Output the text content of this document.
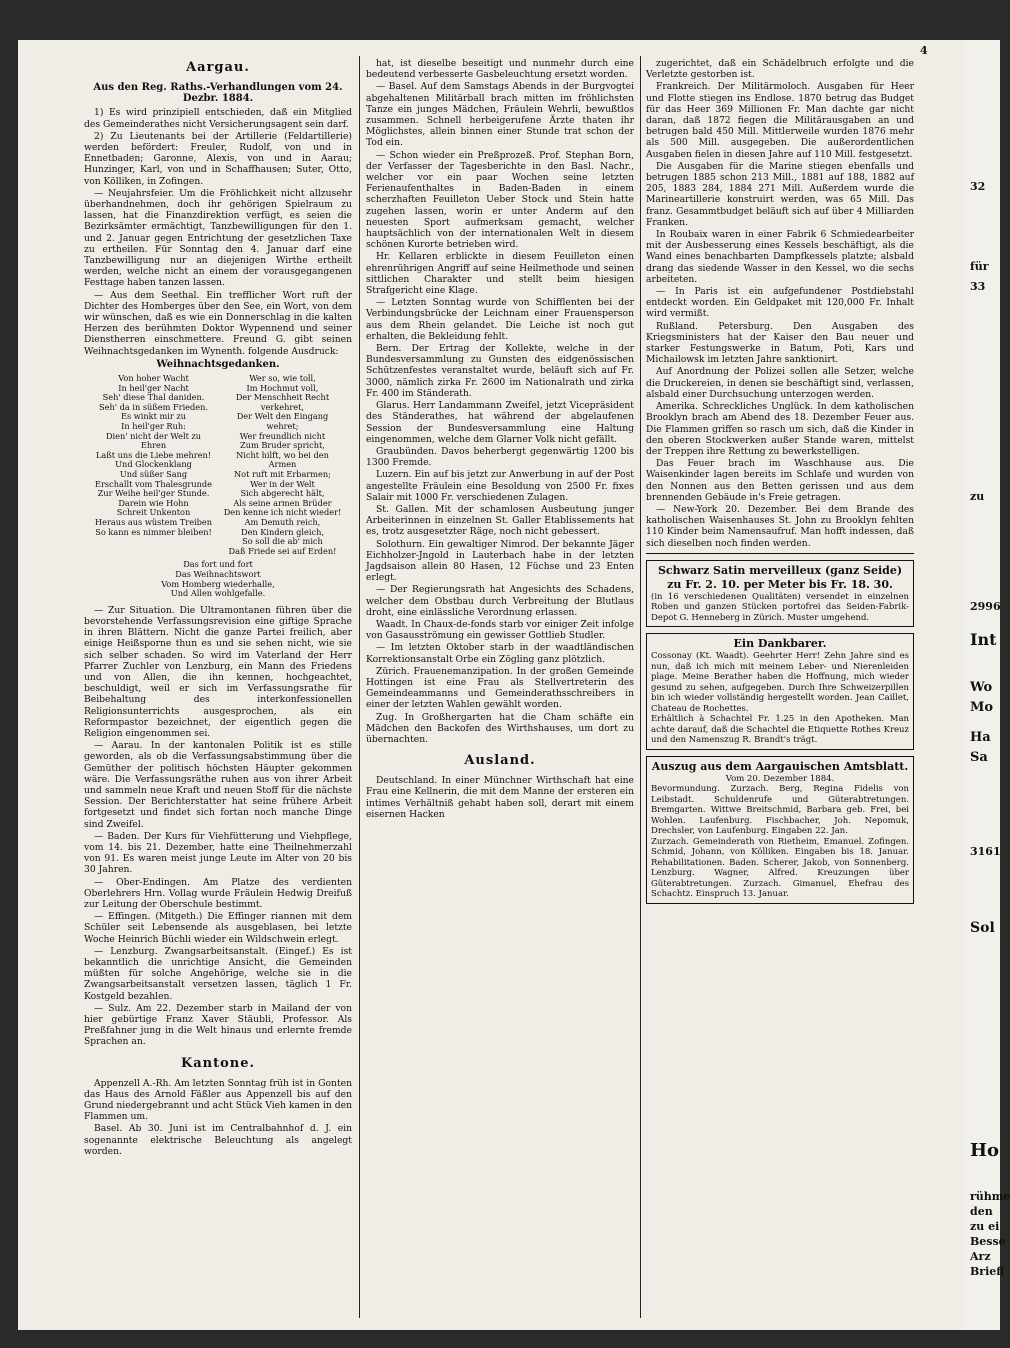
4
Aargau.
Aus den Reg. Raths.-Verhandlungen vom 24. Dezbr. 1884.

1) Es wird prinzipiell entschieden, daß ein Mitglied des Gemeinderathes nicht Versicherungsagent sein darf.

2) Zu Lieutenants bei der Artillerie (Feldartillerie) werden befördert: Freuler, Rudolf, von und in Ennetbaden; Garonne, Alexis, von und in Aarau; Hunzinger, Karl, von und in Schaffhausen; Suter, Otto, von Kölliken, in Zofingen.

— Neujahrsfeier. Um die Fröhlichkeit nicht allzusehr überhandnehmen, doch ihr gehörigen Spielraum zu lassen, hat die Finanzdirektion verfügt, es seien die Bezirksämter ermächtigt, Tanzbewilligungen für den 1. und 2. Januar gegen Entrichtung der gesetzlichen Taxe zu ertheilen. Für Sonntag den 4. Januar darf eine Tanzbewilligung nur an diejenigen Wirthe ertheilt werden, welche nicht an einem der vorausgegangenen Festtage haben tanzen lassen.

— Aus dem Seethal. Ein trefflicher Wort ruft der Dichter des Homberges über den See, ein Wort, von dem wir wünschen, daß es wie ein Donnerschlag in die kalten Herzen des berühmten Doktor Wypennend und seiner Dienstherren einschmettere. Freund G. gibt seinen Weihnachtsgedanken im Wynenth. folgende Ausdruck:

Weihnachtsgedanken.
Von hoher Wacht
In heil'ger Nacht
Seh' diese Thal daniden.
Seh' da in süßem Frieden.
Es winkt mir zu
In heil'ger Ruh:
Dien' nicht der Welt zu Ehren
Laßt uns die Liebe mehren!
Und Glockenklang
Und süßer Sang
Erschallt vom Thalesgrunde
Zur Weihe heil'ger Stunde.
Darein wie Hohn
Schreit Unkenton
Heraus aus wüstem Treiben
So kann es nimmer bleiben!
Wer so, wie toll,
Im Hochmut voll,
Der Menschheit Recht verkehret,
Der Welt den Eingang wehret;
Wer freundlich nicht
Zum Bruder spricht,
Nicht hilft, wo bei den Armen
Not ruft mit Erbarmen;
Wer in der Welt
Sich abgerecht hält,
Als seine armen Brüder
Den kenne ich nicht wieder!
Am Demuth reich,
Den Kindern gleich,
So soll die ab' mich
Daß Friede sei auf Erden!
Das fort und fort
Das Weihnachtswort
Vom Homberg wiederhalle,
Und Allen wohlgefalle.

— Zur Situation. Die Ultramontanen führen über die bevorstehende Verfassungsrevision eine giftige Sprache in ihren Blättern. Nicht die ganze Partei freilich, aber einige Heißsporne thun es und sie sehen nicht, wie sie sich selber schaden. So wird im Vaterland der Herr Pfarrer Zuchler von Lenzburg, ein Mann des Friedens und von Allen, die ihn kennen, hochgeachtet, beschuldigt, weil er sich im Verfassungsrathe für Beibehaltung des interkonfessionellen Religionsunterrichts ausgesprochen, als ein Reformpastor bezeichnet, der eigentlich gegen die Religion eingenommen sei.

— Aarau. In der kantonalen Politik ist es stille geworden, als ob die Verfassungsabstimmung über die Gemüther der politisch höchsten Häupter gekommen wäre. Die Verfassungsräthe ruhen aus von ihrer Arbeit und sammeln neue Kraft und neuen Stoff für die nächste Session. Der Berichterstatter hat seine frühere Arbeit fortgesetzt und findet sich fortan noch manche Dinge sind Zweifel.

— Baden. Der Kurs für Viehfütterung und Viehpflege, vom 14. bis 21. Dezember, hatte eine Theilnehmerzahl von 91. Es waren meist junge Leute im Alter von 20 bis 30 Jahren.

— Ober-Endingen. Am Platze des verdienten Oberlehrers Hrn. Vollag wurde Fräulein Hedwig Dreifuß zur Leitung der Oberschule bestimmt.

— Effingen. (Mitgeth.) Die Effinger riannen mit dem Schüler seit Lebensende als ausgeblasen, bei letzte Woche Heinrich Büchli wieder ein Wildschwein erlegt.

— Lenzburg. Zwangsarbeitsanstalt. (Eingef.) Es ist bekanntlich die unrichtige Ansicht, die Gemeinden müßten für solche Angehörige, welche sie in die Zwangsarbeitsanstalt versetzen lassen, täglich 1 Fr. Kostgeld bezahlen.

— Sulz. Am 22. Dezember starb in Mailand der von hier gebürtige Franz Xaver Stäubli, Professor. Als Preßfahner jung in die Welt hinaus und erlernte fremde Sprachen an.

Kantone.

Appenzell A.-Rh. Am letzten Sonntag früh ist in Gonten das Haus des Arnold Fäßler aus Appenzell bis auf den Grund niedergebrannt und acht Stück Vieh kamen in den Flammen um.

Basel. Ab 30. Juni ist im Centralbahnhof d. J. ein sogenannte elektrische Beleuchtung als angelegt worden.

hat, ist dieselbe beseitigt und nunmehr durch eine bedeutend verbesserte Gasbeleuchtung ersetzt worden.

— Basel. Auf dem Samstags Abends in der Burgvogtei abgehaltenen Militärball brach mitten im fröhlichsten Tanze ein junges Mädchen, Fräulein Wehrli, bewußtlos zusammen. Schnell herbeigerufene Ärzte thaten ihr Möglichstes, allein binnen einer Stunde trat schon der Tod ein.

— Schon wieder ein Preßprozeß. Prof. Stephan Born, der Verfasser der Tagesberichte in den Basl. Nachr., welcher vor ein paar Wochen seine letzten Ferienaufenthaltes in Baden-Baden in einem scherzhaften Feuilleton Ueber Stock und Stein hatte zugehen lassen, worin er unter Anderm auf den neuesten Sport aufmerksam gemacht, welcher hauptsächlich von der internationalen Welt in diesem schönen Kurorte betrieben wird.

Hr. Kellaren erblickte in diesem Feuilleton einen ehrenrührigen Angriff auf seine Heilmethode und seinen sittlichen Charakter und stellt beim hiesigen Strafgericht eine Klage.

— Letzten Sonntag wurde von Schifflenten bei der Verbindungsbrücke der Leichnam einer Frauensperson aus dem Rhein gelandet. Die Leiche ist noch gut erhalten, die Bekleidung fehlt.

Bern. Der Ertrag der Kollekte, welche in der Bundesversammlung zu Gunsten des eidgenössischen Schützenfestes veranstaltet wurde, beläuft sich auf Fr. 3000, nämlich zirka Fr. 2600 im Nationalrath und zirka Fr. 400 im Ständerath.

Glarus. Herr Landammann Zweifel, jetzt Vicepräsident des Ständerathes, hat während der abgelaufenen Session der Bundesversammlung eine Haltung eingenommen, welche dem Glarner Volk nicht gefällt.

Graubünden. Davos beherbergt gegenwärtig 1200 bis 1300 Fremde.

Luzern. Ein auf bis jetzt zur Anwerbung in auf der Post angestellte Fräulein eine Besoldung von 2500 Fr. fixes Salair mit 1000 Fr. verschiedenen Zulagen.

St. Gallen. Mit der schamlosen Ausbeutung junger Arbeiterinnen in einzelnen St. Galler Etablissements hat es, trotz ausgesetzter Räge, noch nicht gebessert.

Solothurn. Ein gewaltiger Nimrod. Der bekannte Jäger Eichholzer-Jngold in Lauterbach habe in der letzten Jagdsaison allein 80 Hasen, 12 Füchse und 23 Enten erlegt.

— Der Regierungsrath hat Angesichts des Schadens, welcher dem Obstbau durch Verbreitung der Blutlaus droht, eine einlässliche Verordnung erlassen.

Waadt. In Chaux-de-fonds starb vor einiger Zeit infolge von Gasausströmung ein gewisser Gottlieb Studler.

— Im letzten Oktober starb in der waadtländischen Korrektionsanstalt Orbe ein Zögling ganz plötzlich.

Zürich. Frauenemanzipation. In der großen Gemeinde Hottingen ist eine Frau als Stellvertreterin des Gemeindeammanns und Gemeinderathsschreibers in einer der letzten Wahlen gewählt worden.

Zug. In Großhergarten hat die Cham schäfte ein Mädchen den Backofen des Wirthshauses, um dort zu übernachten.

Ausland.

Deutschland. In einer Münchner Wirthschaft hat eine Frau eine Kellnerin, die mit dem Manne der ersteren ein intimes Verhältniß gehabt haben soll, derart mit einem eisernen Hacken

zugerichtet, daß ein Schädelbruch erfolgte und die Verletzte gestorben ist.

Frankreich. Der Militärmoloch. Ausgaben für Heer und Flotte stiegen ins Endlose. 1870 betrug das Budget für das Heer 369 Millionen Fr. Man dachte gar nicht daran, daß 1872 fiegen die Militärausgaben an und betrugen bald 450 Mill. Mittlerweile wurden 1876 mehr als 500 Mill. ausgegeben. Die außerordentlichen Ausgaben fielen in diesen Jahre auf 110 Mill. festgesetzt.

Die Ausgaben für die Marine stiegen ebenfalls und betrugen 1885 schon 213 Mill., 1881 auf 188, 1882 auf 205, 1883 284, 1884 271 Mill. Außerdem wurde die Marineartillerie konstruirt werden, was 65 Mill. Das franz. Gesammtbudget beläuft sich auf über 4 Milliarden Franken.

In Roubaix waren in einer Fabrik 6 Schmiedearbeiter mit der Ausbesserung eines Kessels beschäftigt, als die Wand eines benachbarten Dampfkessels platzte; alsbald drang das siedende Wasser in den Kessel, wo die sechs arbeiteten.

— In Paris ist ein aufgefundener Postdiebstahl entdeckt worden. Ein Geldpaket mit 120,000 Fr. Inhalt wird vermißt.

Rußland. Petersburg. Den Ausgaben des Kriegsministers hat der Kaiser den Bau neuer und starker Festungswerke in Batum, Poti, Kars und Michailowsk im letzten Jahre sanktionirt.

Auf Anordnung der Polizei sollen alle Setzer, welche die Druckereien, in denen sie beschäftigt sind, verlassen, alsbald einer Durchsuchung unterzogen werden.

Amerika. Schreckliches Unglück. In dem katholischen Brooklyn brach am Abend des 18. Dezember Feuer aus. Die Flammen griffen so rasch um sich, daß die Kinder in den oberen Stockwerken außer Stande waren, mittelst der Treppen ihre Rettung zu bewerkstelligen.

Das Feuer brach im Waschhause aus. Die Waisenkinder lagen bereits im Schlafe und wurden von den Nonnen aus den Betten gerissen und aus dem brennenden Gebäude in's Freie getragen.

— New-York 20. Dezember. Bei dem Brande des katholischen Waisenhauses St. John zu Brooklyn fehlten 110 Kinder beim Namensaufruf. Man hofft indessen, daß sich dieselben noch finden werden.

Schwarz Satin merveilleux (ganz Seide)
zu Fr. 2. 10. per Meter bis Fr. 18. 30.
(in 16 verschiedenen Qualitäten) versendet in einzelnen Roben und ganzen Stücken portofrei das Seiden-Fabrik-Depot G. Henneberg in Zürich. Muster umgehend.
Ein Dankbarer.
Cossonay (Kt. Waadt). Geehrter Herr! Zehn Jahre sind es nun, daß ich mich mit meinem Leber- und Nierenleiden plage. Meine Berather haben die Hoffnung, mich wieder gesund zu sehen, aufgegeben. Durch Ihre Schweizerpillen bin ich wieder vollständig hergestellt worden. Jean Caillet, Chateau de Rochettes.
Erhältlich à Schachtel Fr. 1.25 in den Apotheken. Man achte darauf, daß die Schachtel die Etiquette Rothes Kreuz und den Namenszug R. Brandt's trägt.
Auszug aus dem Aargauischen Amtsblatt.
Vom 20. Dezember 1884.
Bevormundung. Zurzach. Berg, Regina Fidelis von Leibstadt. Schuldenrufe und Güterabtretungen. Bremgarten. Wittwe Breitschmid, Barbara geb. Frei, bei Wohlen. Laufenburg. Fischbacher, Joh. Nepomuk, Drechsler, von Laufenburg. Eingaben 22. Jan.
Zurzach. Gemeinderath von Rietheim, Emanuel. Zofingen. Schmid, Johann, von Kölliken. Eingaben bis 18. Januar. Rehabilitationen. Baden. Scherer, Jakob, von Sonnenberg. Lenzburg. Wagner, Alfred. Kreuzungen über Güterabtretungen. Zurzach. Gimanuel, Ehefrau des Schachtz. Einspruch 13. Januar.
32
für
33
zu
2996
Int
Wo
Mo
Ha
Sa
3161
Sol
Ho
rühme
den
zu ei
Besse
Arz
Briefl
